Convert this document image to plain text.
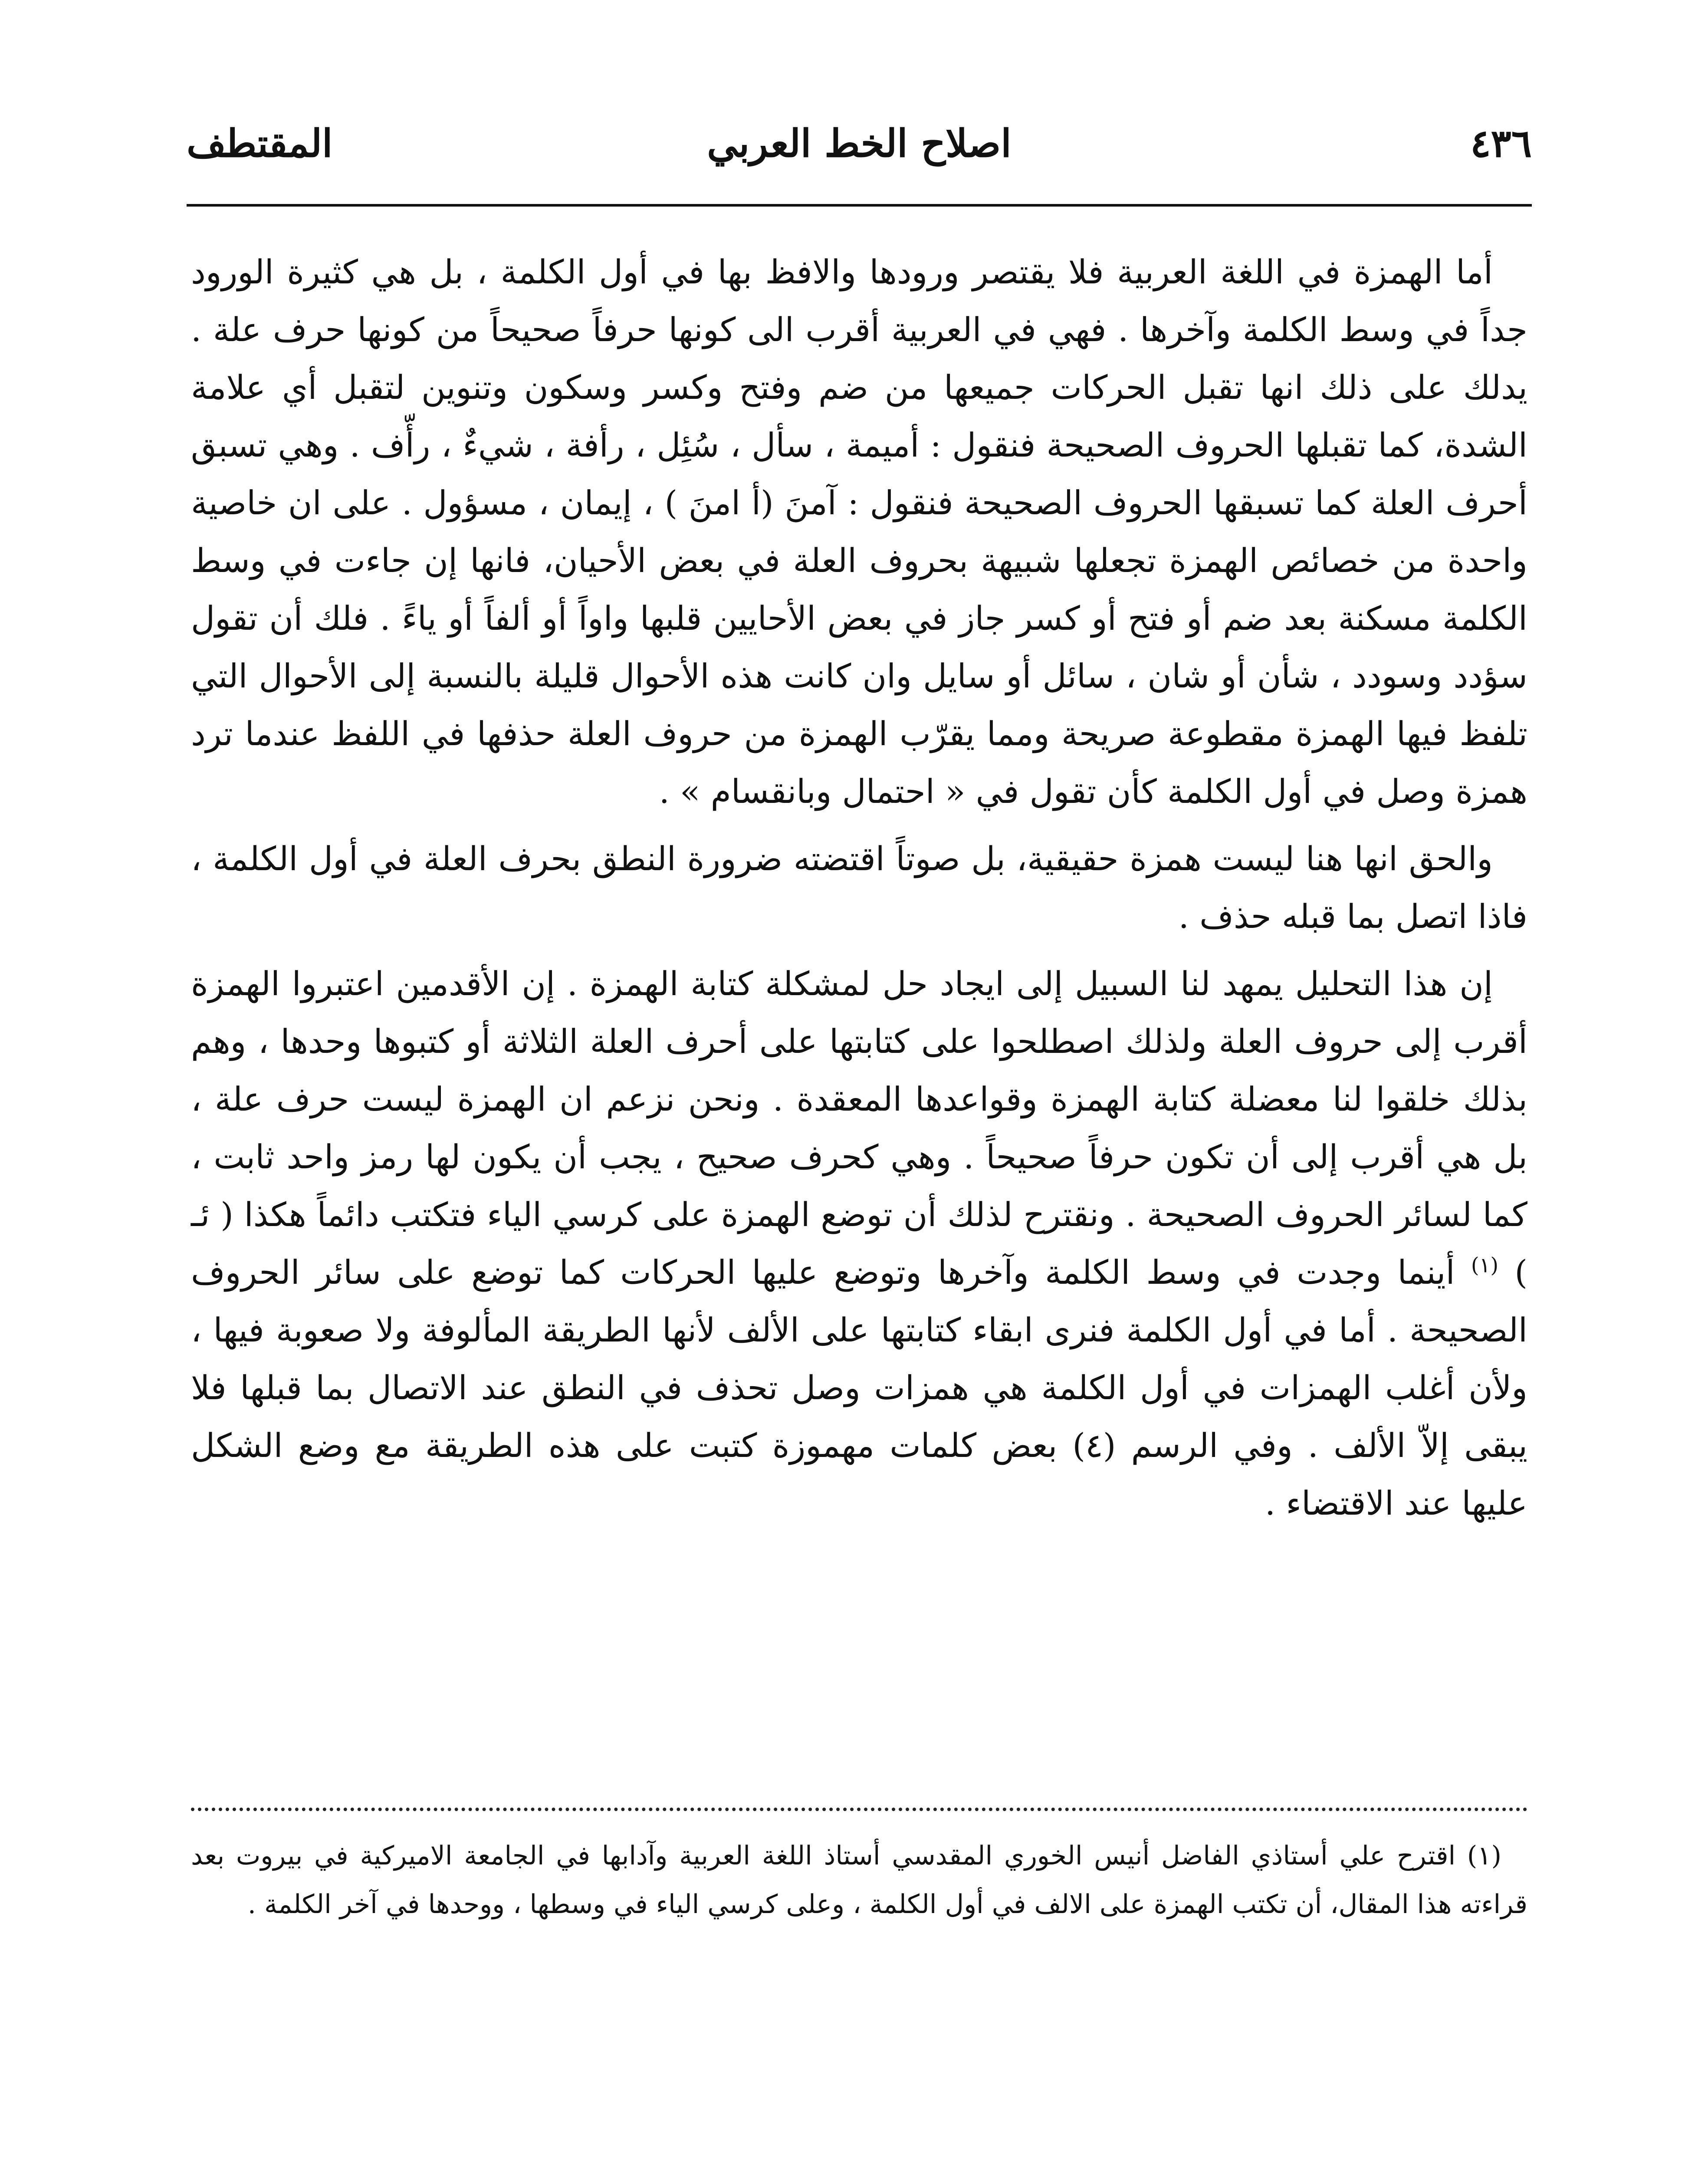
٤٣٦
اصلاح الخط العربي
المقتطف

أما الهمزة في اللغة العربية فلا يقتصر ورودها والافظ بها في أول الكلمة ، بل هي كثيرة الورود جداً في وسط الكلمة وآخرها . فهي في العربية أقرب الى كونها حرفاً صحيحاً من كونها حرف علة . يدلك على ذلك انها تقبل الحركات جميعها من ضم وفتح وكسر وسكون وتنوين لتقبل أي علامة الشدة، كما تقبلها الحروف الصحيحة فنقول : أميمة ، سأل ، سُئِل ، رأفة ، شيءٌ ، رأّف . وهي تسبق أحرف العلة كما تسبقها الحروف الصحيحة فنقول : آمنَ (أ امنَ ) ، إيمان ، مسؤول . على ان خاصية واحدة من خصائص الهمزة تجعلها شبيهة بحروف العلة في بعض الأحيان، فانها إن جاءت في وسط الكلمة مسكنة بعد ضم أو فتح أو كسر جاز في بعض الأحايين قلبها واواً أو ألفاً أو ياءً . فلك أن تقول سؤدد وسودد ، شأن أو شان ، سائل أو سايل وان كانت هذه الأحوال قليلة بالنسبة إلى الأحوال التي تلفظ فيها الهمزة مقطوعة صريحة ومما يقرّب الهمزة من حروف العلة حذفها في اللفظ عندما ترد همزة وصل في أول الكلمة كأن تقول في « احتمال وبانقسام » .

والحق انها هنا ليست همزة حقيقية، بل صوتاً اقتضته ضرورة النطق بحرف العلة في أول الكلمة ، فاذا اتصل بما قبله حذف .

إن هذا التحليل يمهد لنا السبيل إلى ايجاد حل لمشكلة كتابة الهمزة . إن الأقدمين اعتبروا الهمزة أقرب إلى حروف العلة ولذلك اصطلحوا على كتابتها على أحرف العلة الثلاثة أو كتبوها وحدها ، وهم بذلك خلقوا لنا معضلة كتابة الهمزة وقواعدها المعقدة . ونحن نزعم ان الهمزة ليست حرف علة ، بل هي أقرب إلى أن تكون حرفاً صحيحاً . وهي كحرف صحيح ، يجب أن يكون لها رمز واحد ثابت ، كما لسائر الحروف الصحيحة . ونقترح لذلك أن توضع الهمزة على كرسي الياء فتكتب دائماً هكذا ( ئـ ) $^{(١)}$ أينما وجدت في وسط الكلمة وآخرها وتوضع عليها الحركات كما توضع على سائر الحروف الصحيحة . أما في أول الكلمة فنرى ابقاء كتابتها على الألف لأنها الطريقة المألوفة ولا صعوبة فيها ، ولأن أغلب الهمزات في أول الكلمة هي همزات وصل تحذف في النطق عند الاتصال بما قبلها فلا يبقى إلاّ الألف . وفي الرسم (٤) بعض كلمات مهموزة كتبت على هذه الطريقة مع وضع الشكل عليها عند الاقتضاء .

(١) اقترح علي أستاذي الفاضل أنيس الخوري المقدسي أستاذ اللغة العربية وآدابها في الجامعة الاميركية في بيروت بعد قراءته هذا المقال، أن تكتب الهمزة على الالف في أول الكلمة ، وعلى كرسي الياء في وسطها ، ووحدها في آخر الكلمة .
